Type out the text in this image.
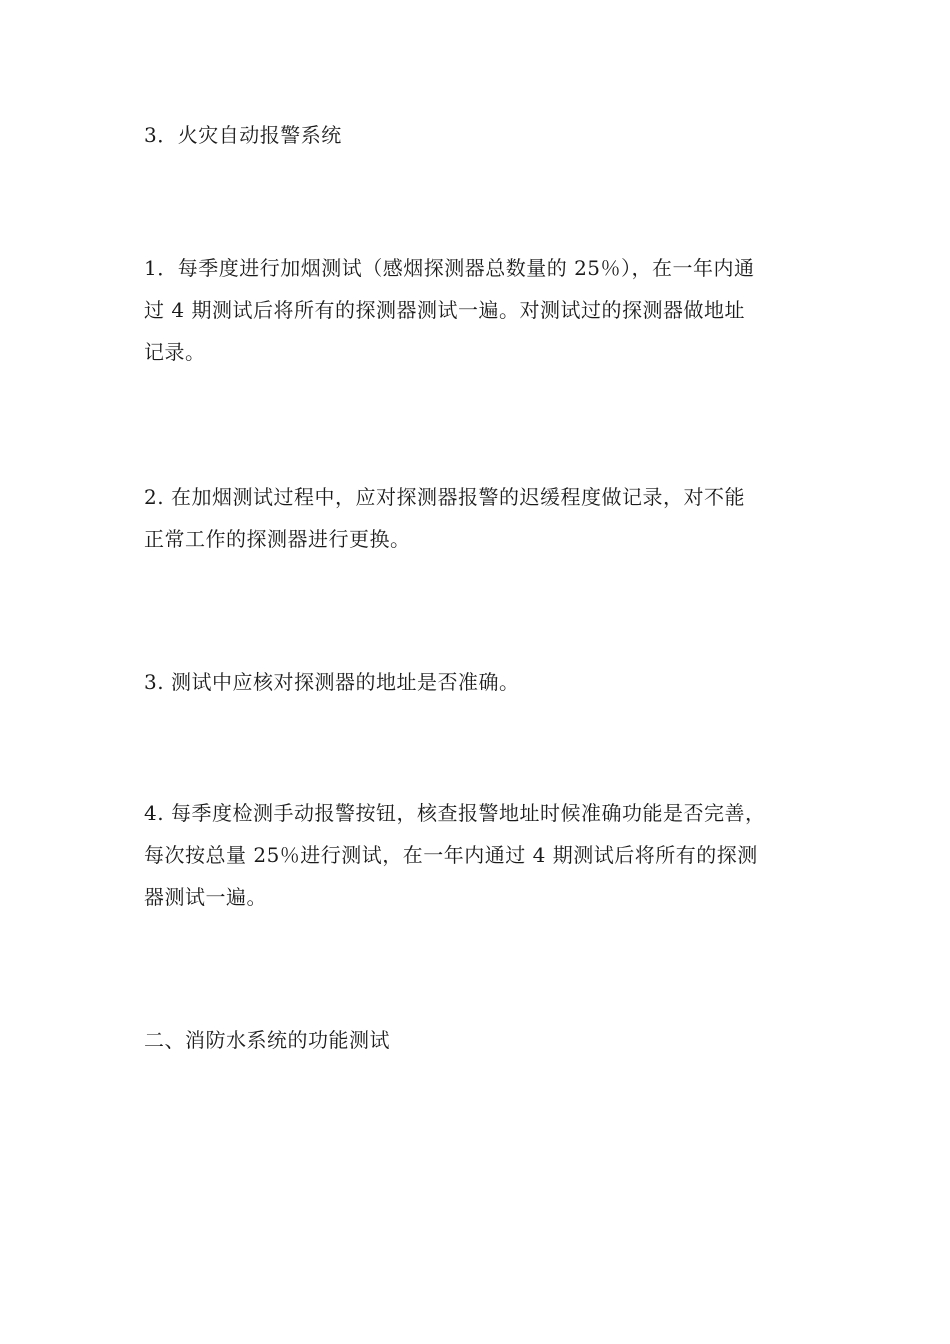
3．火灾自动报警系统
1．每季度进行加烟测试（感烟探测器总数量的 25％），在一年内通
过 4 期测试后将所有的探测器测试一遍。对测试过的探测器做地址
记录。
2. 在加烟测试过程中，应对探测器报警的迟缓程度做记录，对不能
正常工作的探测器进行更换。
3. 测试中应核对探测器的地址是否准确。
4. 每季度检测手动报警按钮，核查报警地址时候准确功能是否完善，
每次按总量 25％进行测试，在一年内通过 4 期测试后将所有的探测
器测试一遍。
二、消防水系统的功能测试
